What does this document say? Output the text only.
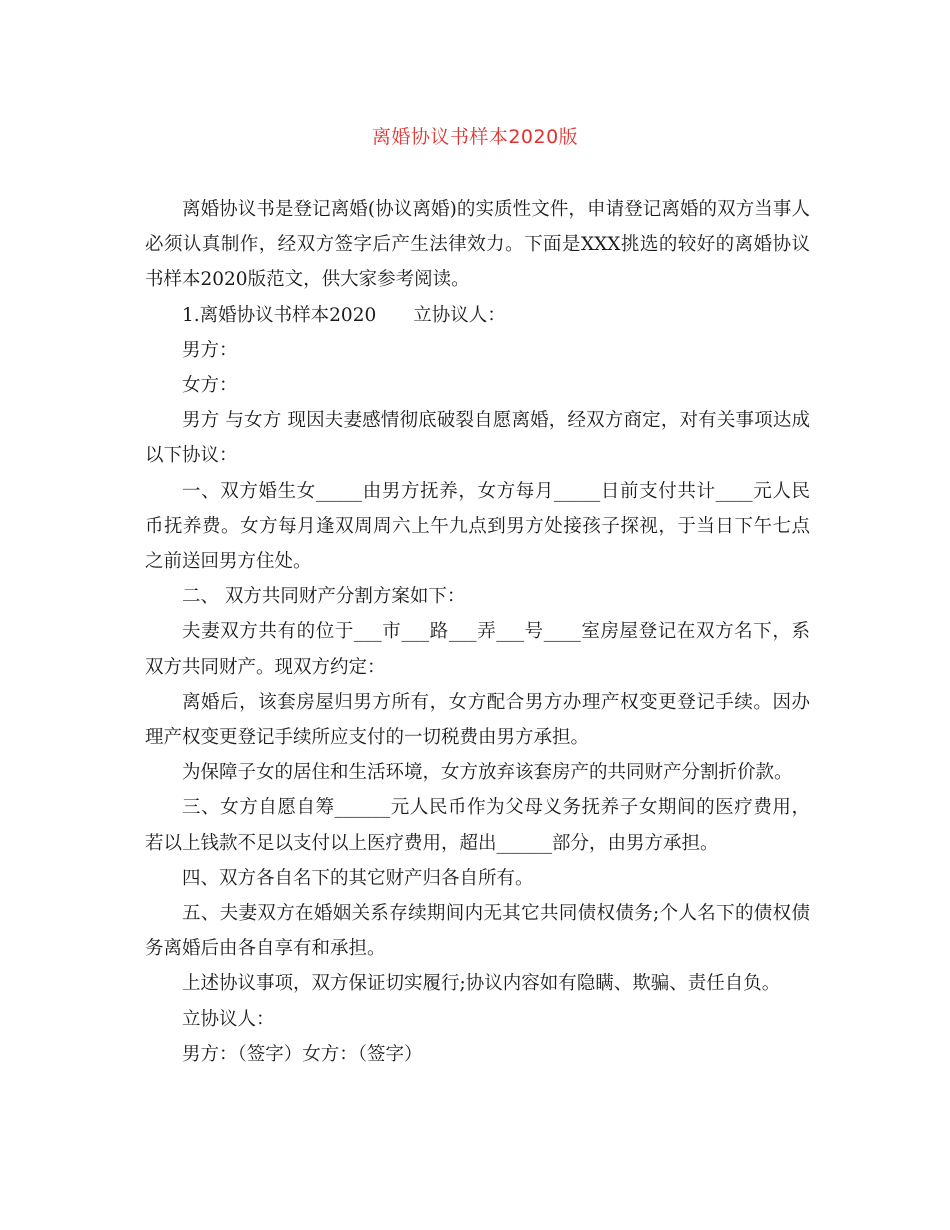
离婚协议书样本2020版

离婚协议书是登记离婚(协议离婚)的实质性文件，申请登记离婚的双方当事人必须认真制作，经双方签字后产生法律效力。下面是XXX挑选的较好的离婚协议书样本2020版范文，供大家参考阅读。

1.离婚协议书样本2020　　立协议人：

男方：

女方：

男方 与女方 现因夫妻感情彻底破裂自愿离婚，经双方商定，对有关事项达成以下协议：

一、双方婚生女_____由男方抚养，女方每月_____日前支付共计____元人民币抚养费。女方每月逢双周周六上午九点到男方处接孩子探视，于当日下午七点之前送回男方住处。

二、 双方共同财产分割方案如下：

夫妻双方共有的位于___市___路___弄___号____室房屋登记在双方名下，系双方共同财产。现双方约定：

离婚后，该套房屋归男方所有，女方配合男方办理产权变更登记手续。因办理产权变更登记手续所应支付的一切税费由男方承担。

为保障子女的居住和生活环境，女方放弃该套房产的共同财产分割折价款。

三、女方自愿自筹______元人民币作为父母义务抚养子女期间的医疗费用，若以上钱款不足以支付以上医疗费用，超出______部分，由男方承担。

四、双方各自名下的其它财产归各自所有。

五、夫妻双方在婚姻关系存续期间内无其它共同债权债务;个人名下的债权债务离婚后由各自享有和承担。

上述协议事项，双方保证切实履行;协议内容如有隐瞒、欺骗、责任自负。

立协议人：

男方：（签字）女方：（签字）
